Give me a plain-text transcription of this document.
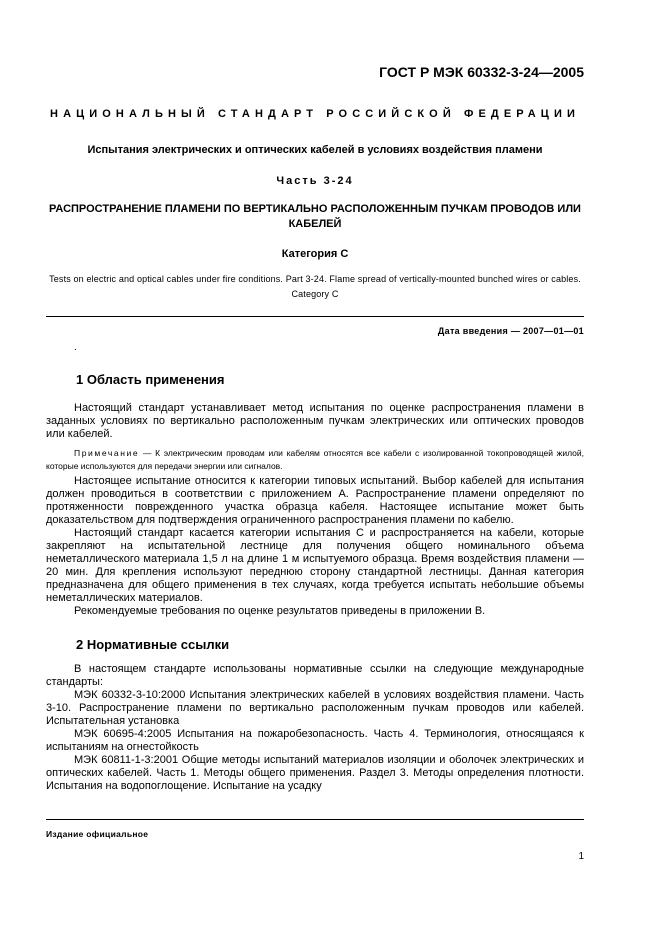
ГОСТ Р МЭК 60332-3-24—2005
НАЦИОНАЛЬНЫЙ СТАНДАРТ РОССИЙСКОЙ ФЕДЕРАЦИИ
Испытания электрических и оптических кабелей в условиях воздействия пламени
Часть 3-24
РАСПРОСТРАНЕНИЕ ПЛАМЕНИ ПО ВЕРТИКАЛЬНО РАСПОЛОЖЕННЫМ ПУЧКАМ ПРОВОДОВ ИЛИ КАБЕЛЕЙ
Категория С
Tests on electric and optical cables under fire conditions. Part 3-24. Flame spread of vertically-mounted bunched wires or cables. Category C
Дата введения — 2007—01—01
.
1 Область применения

Настоящий стандарт устанавливает метод испытания по оценке распространения пламени в заданных условиях по вертикально расположенным пучкам электрических или оптических проводов или кабелей.

Примечание — К электрическим проводам или кабелям относятся все кабели с изолированной токопроводящей жилой, которые используются для передачи энергии или сигналов.

Настоящее испытание относится к категории типовых испытаний. Выбор кабелей для испытания должен проводиться в соответствии с приложением А. Распространение пламени определяют по протяженности поврежденного участка образца кабеля. Настоящее испытание может быть доказательством для подтверждения ограниченного распространения пламени по кабелю.

Настоящий стандарт касается категории испытания С и распространяется на кабели, которые закрепляют на испытательной лестнице для получения общего номинального объема неметаллического материала 1,5 л на длине 1 м испытуемого образца. Время воздействия пламени — 20 мин. Для крепления используют переднюю сторону стандартной лестницы. Данная категория предназначена для общего применения в тех случаях, когда требуется испытать небольшие объемы неметаллических материалов.

Рекомендуемые требования по оценке результатов приведены в приложении В.

2 Нормативные ссылки

В настоящем стандарте использованы нормативные ссылки на следующие международные стандарты:

МЭК 60332-3-10:2000 Испытания электрических кабелей в условиях воздействия пламени. Часть 3-10. Распространение пламени по вертикально расположенным пучкам проводов или кабелей. Испытательная установка

МЭК 60695-4:2005 Испытания на пожаробезопасность. Часть 4. Терминология, относящаяся к испытаниям на огнестойкость

МЭК 60811-1-3:2001 Общие методы испытаний материалов изоляции и оболочек электрических и оптических кабелей. Часть 1. Методы общего применения. Раздел 3. Методы определения плотности. Испытания на водопоглощение. Испытание на усадку

Издание официальное
1
